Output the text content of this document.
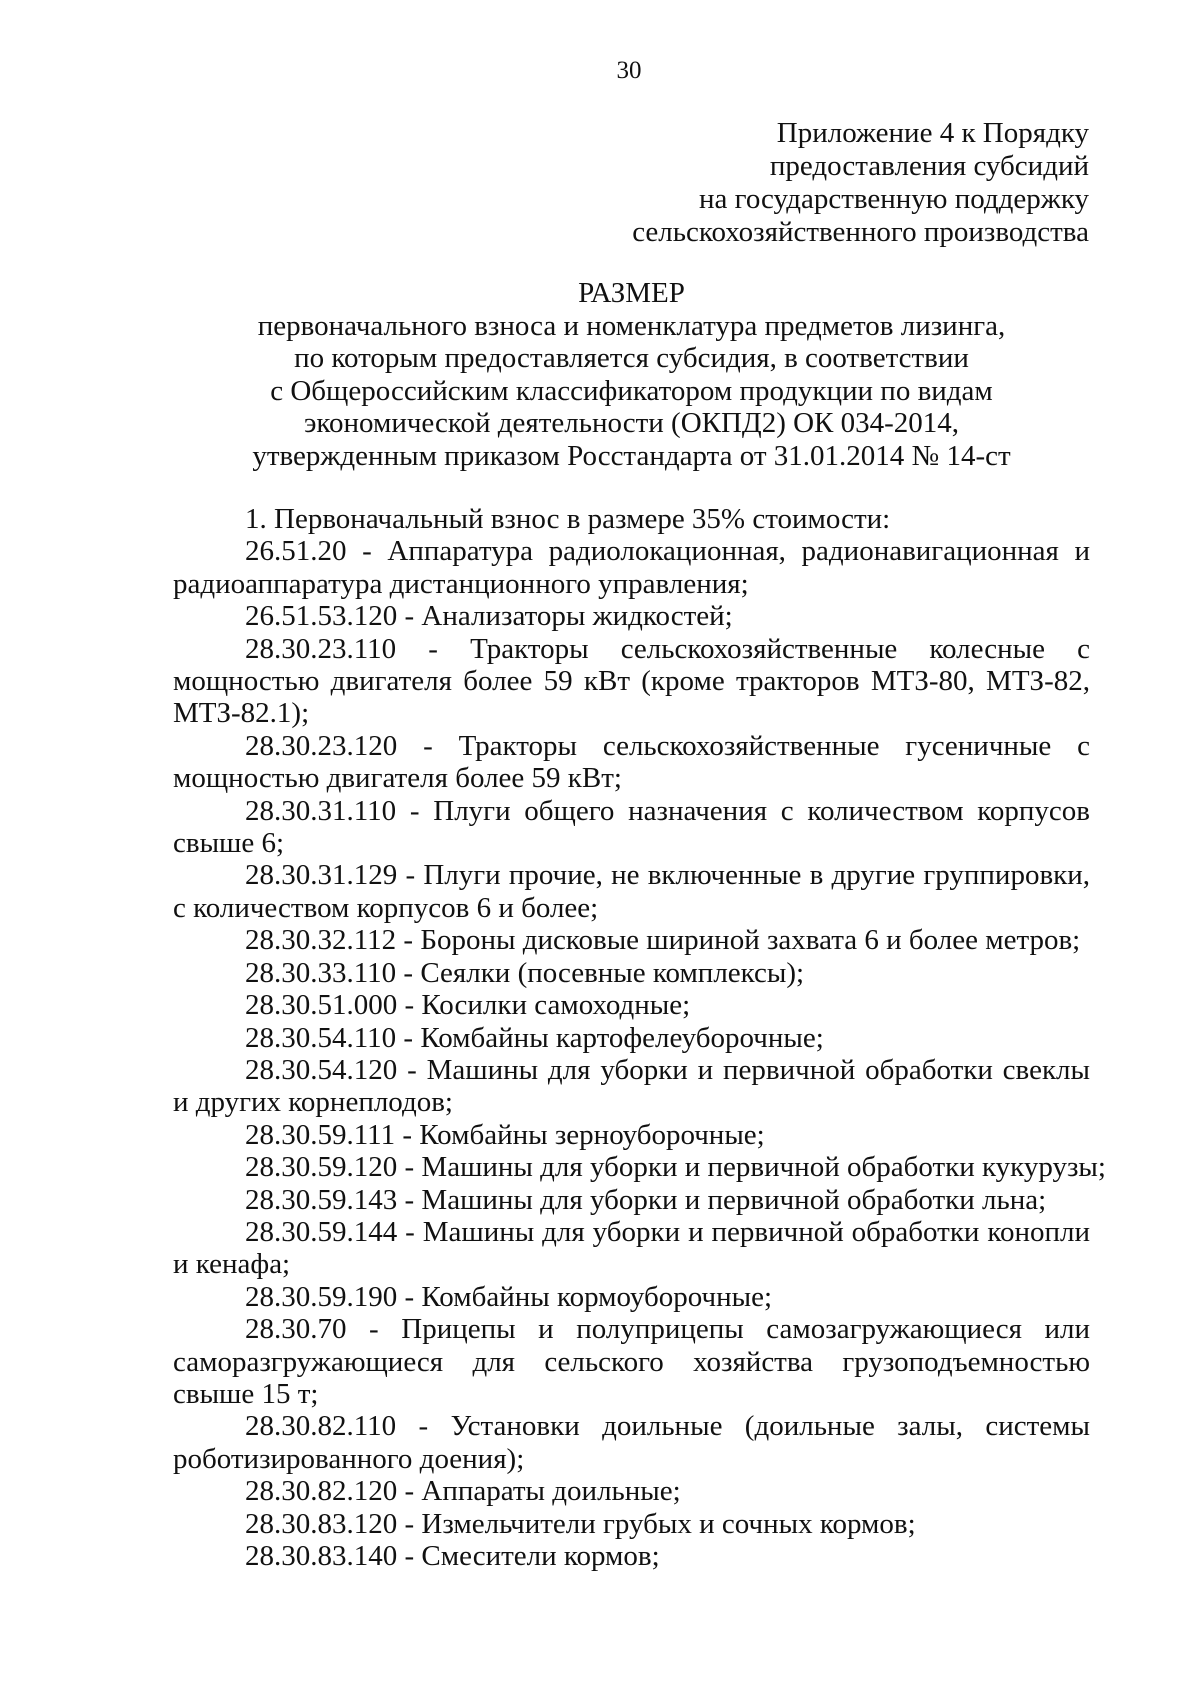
30
Приложение 4 к Порядку
предоставления субсидий
на государственную поддержку
сельскохозяйственного производства
РАЗМЕР
первоначального взноса и номенклатура предметов лизинга,
по которым предоставляется субсидия, в соответствии
с Общероссийским классификатором продукции по видам
экономической деятельности (ОКПД2) ОК 034-2014,
утвержденным приказом Росстандарта от 31.01.2014 № 14-ст

1. Первоначальный взнос в размере 35% стоимости:

26.51.20 - Аппаратура радиолокационная, радионавигационная и радиоаппаратура дистанционного управления;

26.51.53.120 - Анализаторы жидкостей;

28.30.23.110 - Тракторы сельскохозяйственные колесные с мощностью двигателя более 59 кВт (кроме тракторов МТЗ-80, МТЗ-82, МТЗ-82.1);

28.30.23.120 - Тракторы сельскохозяйственные гусеничные с мощностью двигателя более 59 кВт;

28.30.31.110 - Плуги общего назначения с количеством корпусов свыше 6;

28.30.31.129 - Плуги прочие, не включенные в другие группировки, с количеством корпусов 6 и более;

28.30.32.112 - Бороны дисковые шириной захвата 6 и более метров;

28.30.33.110 - Сеялки (посевные комплексы);

28.30.51.000 - Косилки самоходные;

28.30.54.110 - Комбайны картофелеуборочные;

28.30.54.120 - Машины для уборки и первичной обработки свеклы и других корнеплодов;

28.30.59.111 - Комбайны зерноуборочные;

28.30.59.120 - Машины для уборки и первичной обработки кукурузы;

28.30.59.143 - Машины для уборки и первичной обработки льна;

28.30.59.144 - Машины для уборки и первичной обработки конопли и кенафа;

28.30.59.190 - Комбайны кормоуборочные;

28.30.70 - Прицепы и полуприцепы самозагружающиеся или саморазгружающиеся для сельского хозяйства грузоподъемностью свыше 15 т;

28.30.82.110 - Установки доильные (доильные залы, системы роботизированного доения);

28.30.82.120 - Аппараты доильные;

28.30.83.120 - Измельчители грубых и сочных кормов;

28.30.83.140 - Смесители кормов;
